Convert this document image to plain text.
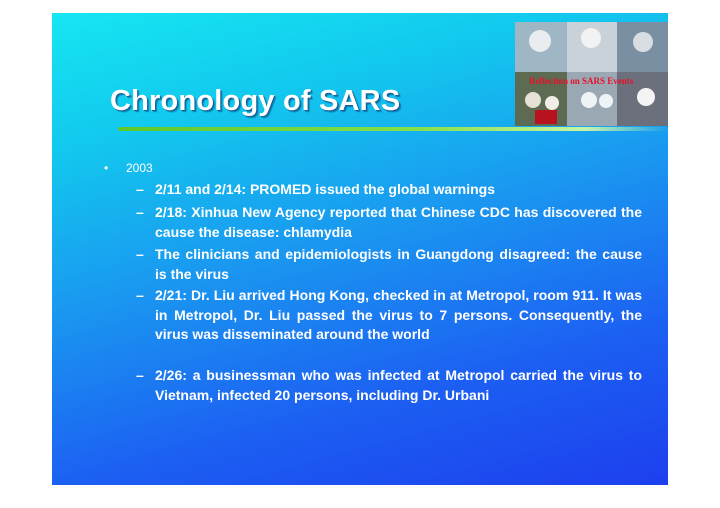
Reflection on SARS Events
Chronology of SARS
• 2003
– 2/11 and 2/14: PROMED issued the global warnings
– 2/18: Xinhua New Agency reported that Chinese CDC has discovered the cause the disease: chlamydia
– The clinicians and epidemiologists in Guangdong disagreed: the cause is the virus
– 2/21: Dr. Liu arrived Hong Kong, checked in at Metropol, room 911. It was in Metropol, Dr. Liu passed the virus to 7 persons. Consequently, the virus was disseminated around the world
– 2/26: a businessman who was infected at Metropol carried the virus to Vietnam, infected 20 persons, including Dr. Urbani
